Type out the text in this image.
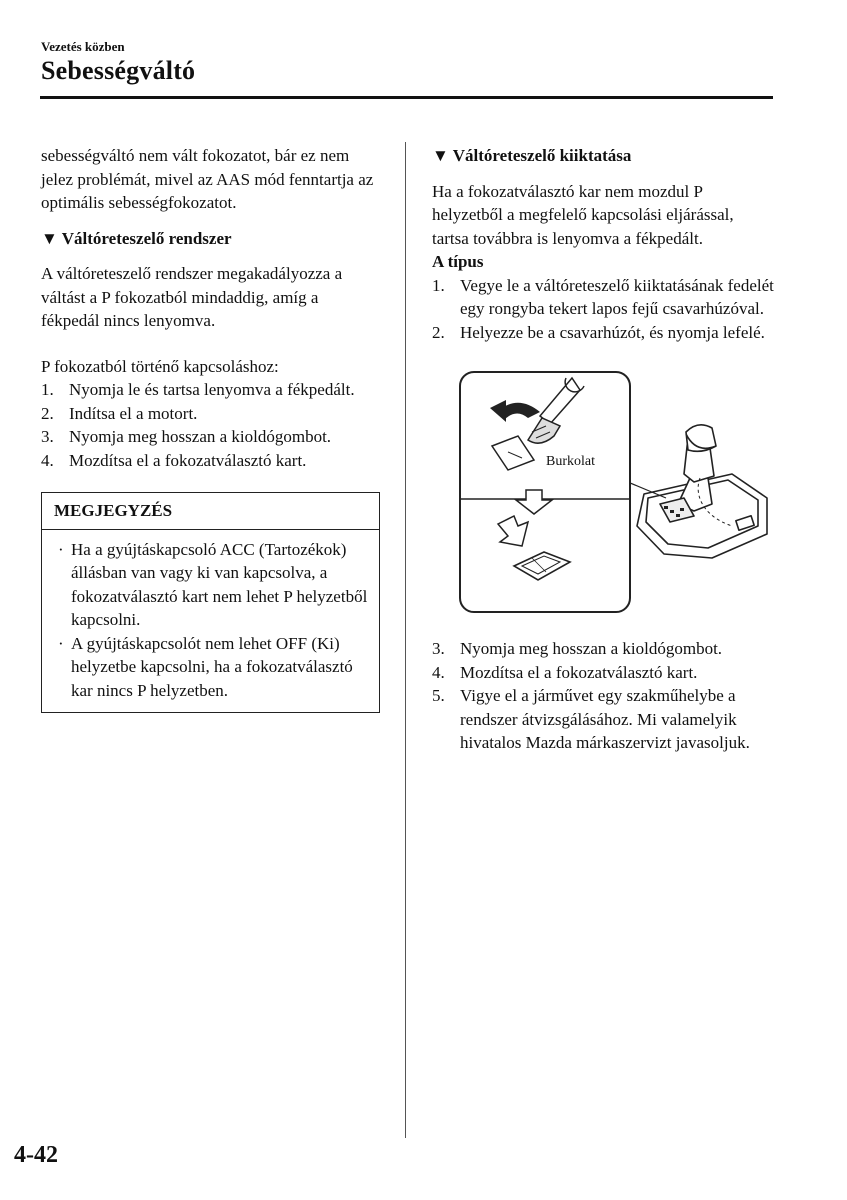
Vezetés közben
Sebességváltó

sebességváltó nem vált fokozatot, bár ez nem jelez problémát, mivel az AAS mód fenntartja az optimális sebességfokozatot.

▼ Váltóreteszelő rendszer

A váltóreteszelő rendszer megakadályozza a váltást a P fokozatból mindaddig, amíg a fékpedál nincs lenyomva.

P fokozatból történő kapcsoláshoz:

1. Nyomja le és tartsa lenyomva a fékpedált.
2. Indítsa el a motort.
3. Nyomja meg hosszan a kioldógombot.
4. Mozdítsa el a fokozatválasztó kart.
MEGJEGYZÉS
· Ha a gyújtáskapcsoló ACC (Tartozékok) állásban van vagy ki van kapcsolva, a fokozatválasztó kart nem lehet P helyzetből kapcsolni.
· A gyújtáskapcsolót nem lehet OFF (Ki) helyzetbe kapcsolni, ha a fokozatválasztó kar nincs P helyzetben.

▼ Váltóreteszelő kiiktatása

Ha a fokozatválasztó kar nem mozdul P helyzetből a megfelelő kapcsolási eljárással, tartsa továbbra is lenyomva a fékpedált.

A típus

1. Vegye le a váltóreteszelő kiiktatásának fedelét egy rongyba tekert lapos fejű csavarhúzóval.
2. Helyezze be a csavarhúzót, és nyomja lefelé.
Burkolat
3. Nyomja meg hosszan a kioldógombot.
4. Mozdítsa el a fokozatválasztó kart.
5. Vigye el a járművet egy szakműhelybe a rendszer átvizsgálásához. Mi valamelyik hivatalos Mazda márkaszervizt javasoljuk.
4-42
